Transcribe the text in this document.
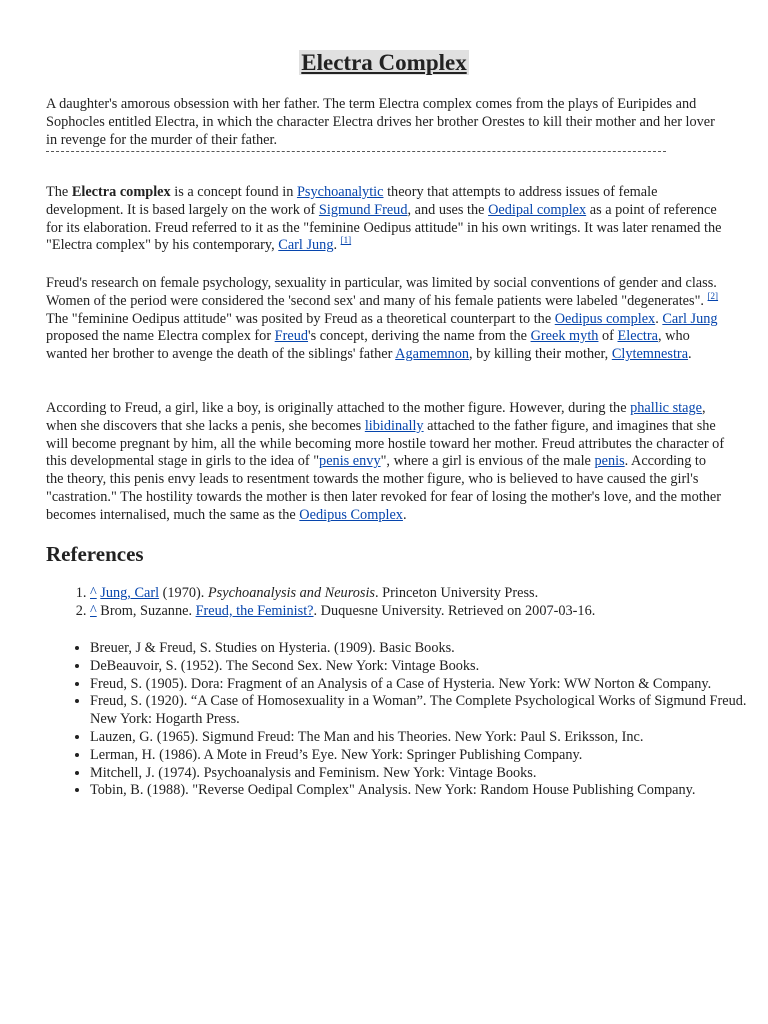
Electra Complex

A daughter's amorous obsession with her father. The term Electra complex comes from the plays of Euripides and Sophocles entitled Electra, in which the character Electra drives her brother Orestes to kill their mother and her lover in revenge for the murder of their father.

The Electra complex is a concept found in Psychoanalytic theory that attempts to address issues of female development. It is based largely on the work of Sigmund Freud, and uses the Oedipal complex as a point of reference for its elaboration. Freud referred to it as the "feminine Oedipus attitude" in his own writings. It was later renamed the "Electra complex" by his contemporary, Carl Jung. [1]

Freud's research on female psychology, sexuality in particular, was limited by social conventions of gender and class. Women of the period were considered the 'second sex' and many of his female patients were labeled "degenerates". [2] The "feminine Oedipus attitude" was posited by Freud as a theoretical counterpart to the Oedipus complex. Carl Jung proposed the name Electra complex for Freud's concept, deriving the name from the Greek myth of Electra, who wanted her brother to avenge the death of the siblings' father Agamemnon, by killing their mother, Clytemnestra.

According to Freud, a girl, like a boy, is originally attached to the mother figure. However, during the phallic stage, when she discovers that she lacks a penis, she becomes libidinally attached to the father figure, and imagines that she will become pregnant by him, all the while becoming more hostile toward her mother. Freud attributes the character of this developmental stage in girls to the idea of "penis envy", where a girl is envious of the male penis. According to the theory, this penis envy leads to resentment towards the mother figure, who is believed to have caused the girl's "castration." The hostility towards the mother is then later revoked for fear of losing the mother's love, and the mother becomes internalised, much the same as the Oedipus Complex.

References
1. ^ Jung, Carl (1970). Psychoanalysis and Neurosis. Princeton University Press.
2. ^ Brom, Suzanne. Freud, the Feminist?. Duquesne University. Retrieved on 2007-03-16.
• Breuer, J & Freud, S. Studies on Hysteria. (1909). Basic Books.
• DeBeauvoir, S. (1952). The Second Sex. New York: Vintage Books.
• Freud, S. (1905). Dora: Fragment of an Analysis of a Case of Hysteria. New York: WW Norton & Company.
• Freud, S. (1920). “A Case of Homosexuality in a Woman”. The Complete Psychological Works of Sigmund Freud. New York: Hogarth Press.
• Lauzen, G. (1965). Sigmund Freud: The Man and his Theories. New York: Paul S. Eriksson, Inc.
• Lerman, H. (1986). A Mote in Freud’s Eye. New York: Springer Publishing Company.
• Mitchell, J. (1974). Psychoanalysis and Feminism. New York: Vintage Books.
• Tobin, B. (1988). "Reverse Oedipal Complex" Analysis. New York: Random House Publishing Company.
